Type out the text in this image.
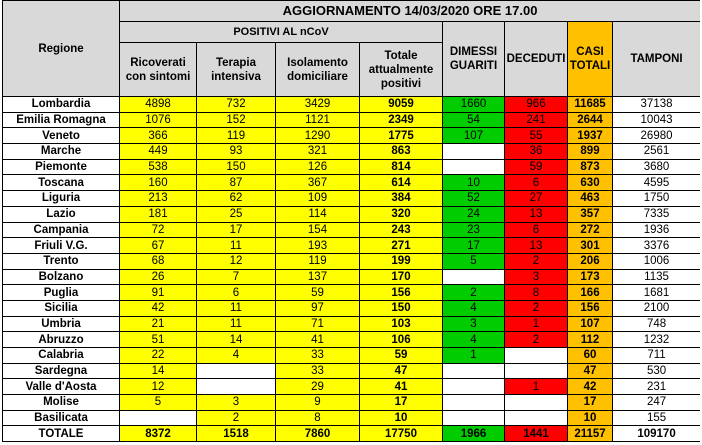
Regione	AGGIORNAMENTO 14/03/2020 ORE 17.00							
	POSITIVI AL nCoV				DIMESSI GUARITI	DECEDUTI	CASI TOTALI	TAMPONI
	Ricoverati con sintomi	Terapia intensiva	Isolamento domiciliare	Totale attualmente positivi				
Lombardia	4898	732	3429	9059	1660	966	11685	37138
Emilia Romagna	1076	152	1121	2349	54	241	2644	10043
Veneto	366	119	1290	1775	107	55	1937	26980
Marche	449	93	321	863		36	899	2561
Piemonte	538	150	126	814		59	873	3680
Toscana	160	87	367	614	10	6	630	4595
Liguria	213	62	109	384	52	27	463	1750
Lazio	181	25	114	320	24	13	357	7335
Campania	72	17	154	243	23	6	272	1936
Friuli V.G.	67	11	193	271	17	13	301	3376
Trento	68	12	119	199	5	2	206	1006
Bolzano	26	7	137	170		3	173	1135
Puglia	91	6	59	156	2	8	166	1681
Sicilia	42	11	97	150	4	2	156	2100
Umbria	21	11	71	103	3	1	107	748
Abruzzo	51	14	41	106	4	2	112	1232
Calabria	22	4	33	59	1		60	711
Sardegna	14		33	47			47	530
Valle d'Aosta	12		29	41		1	42	231
Molise	5	3	9	17			17	247
Basilicata		2	8	10			10	155
TOTALE	8372	1518	7860	17750	1966	1441	21157	109170
